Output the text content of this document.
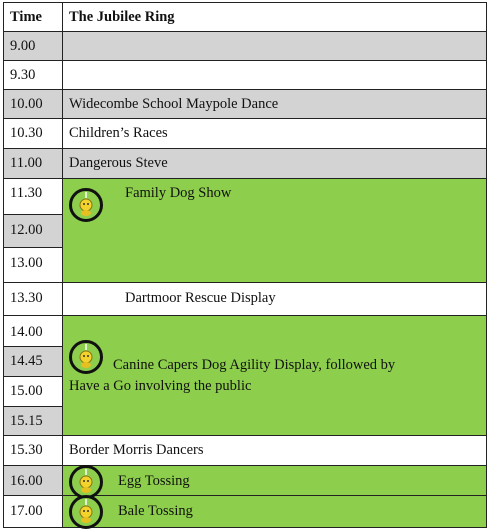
Time The Jubilee Ring
9.00
9.30
10.00
10.30
11.00
11.30
12.00
13.00
13.30
14.00
14.45
15.00
15.15
15.30
16.00
17.00
Widecombe School Maypole Dance
Children’s Races
Dangerous Steve
Family Dog Show
Dartmoor Rescue Display
Canine Capers Dog Agility Display, followed by
Have a Go involving the public
Border Morris Dancers
Egg Tossing
Bale Tossing
